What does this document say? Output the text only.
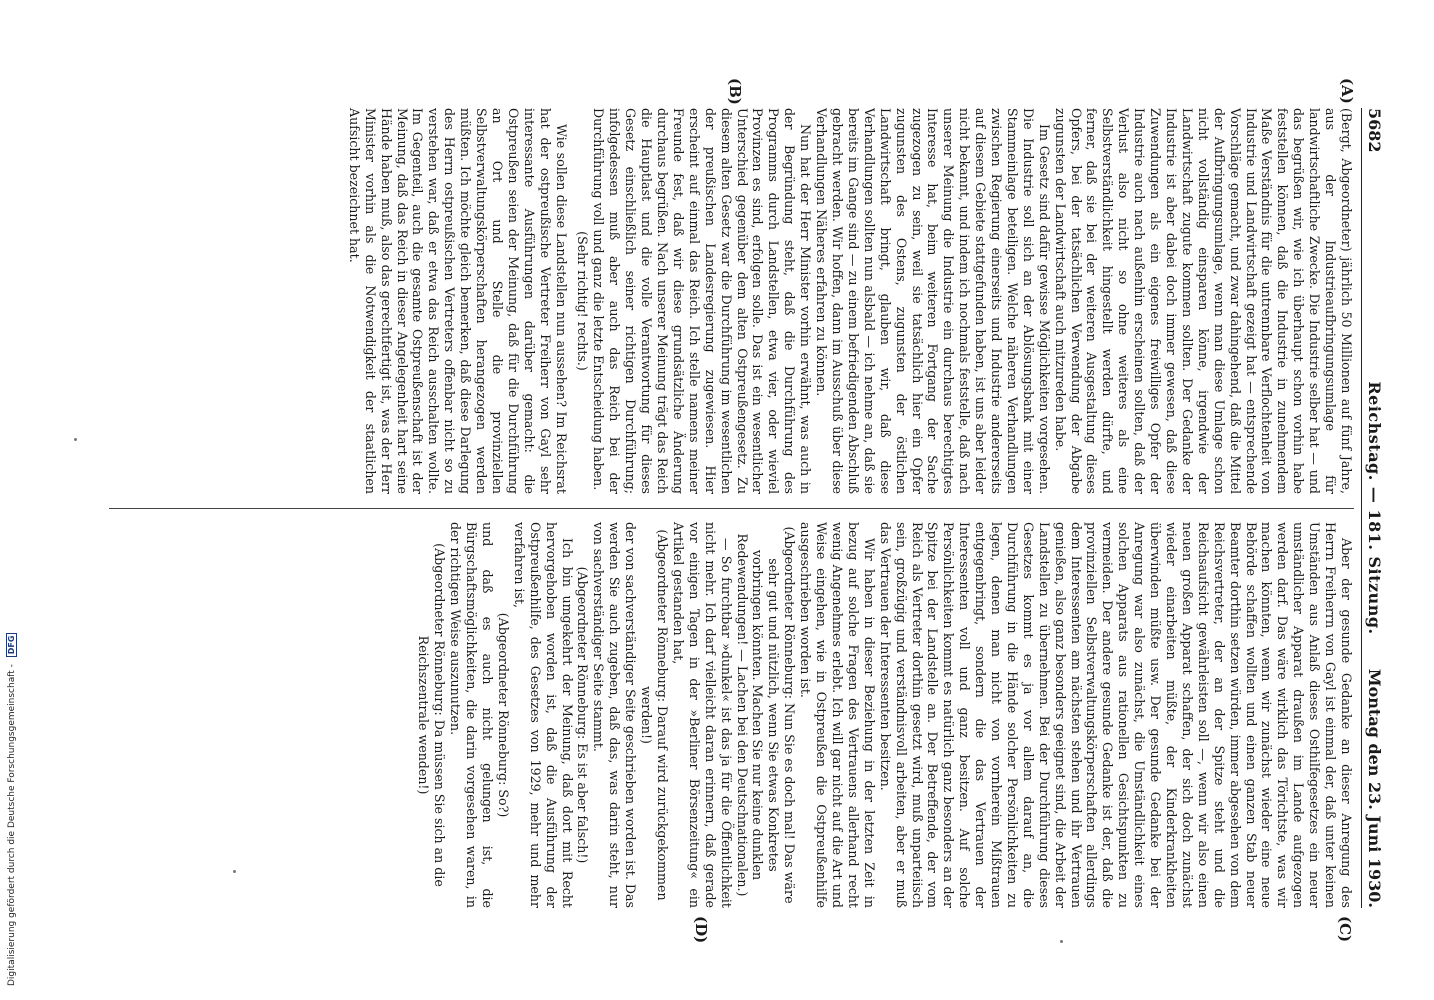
5682
Reichstag. — 181. Sitzung.
Montag den 23. Juni 1930.
(A)
(B)
(C)
(D)

(Bergt, Abgeordneter) jährlich 50 Millionen auf fünf Jahre, aus der Industrieaufbringungsumlage für landwirtschaftliche Zwecke. Die Industrie selber hat — und das begrüßen wir, wie ich überhaupt schon vorhin habe feststellen können, daß die Industrie in zunehmendem Maße Verständnis für die untrennbare Verflochtenheit von Industrie und Landwirtschaft gezeigt hat — entsprechende Vorschläge gemacht, und zwar dahingehend, daß die Mittel der Aufbringungsumlage, wenn man diese Umlage schon nicht vollständig einsparen könne, irgendwie der Landwirtschaft zugute kommen sollten. Der Gedanke der Industrie ist aber dabei doch immer gewesen, daß diese Zuwendungen als ein eigenes freiwilliges Opfer der Industrie auch nach außenhin erscheinen sollten, daß der Verlust also nicht so ohne weiteres als eine Selbstverständlichkeit hingestellt werden dürfte, und ferner, daß sie bei der weiteren Ausgestaltung dieses Opfers, bei der tatsächlichen Verwendung der Abgabe zugunsten der Landwirtschaft auch mitzureden habe.

Im Gesetz sind dafür gewisse Möglichkeiten vorgesehen. Die Industrie soll sich an der Ablösungsbank mit einer Stammeinlage beteiligen. Welche näheren Verhandlungen zwischen Regierung einerseits und Industrie andererseits auf diesem Gebiete stattgefunden haben, ist uns aber leider nicht bekannt, und indem ich nochmals feststelle, daß nach unserer Meinung die Industrie ein durchaus berechtigtes Interesse hat, beim weiteren Fortgang der Sache zugezogen zu sein, weil sie tatsächlich hier ein Opfer zugunsten des Ostens, zugunsten der östlichen Landwirtschaft bringt, glauben wir, daß diese Verhandlungen sollten nun alsbald — ich nehme an, daß sie bereits im Gange sind — zu einem befriedigenden Abschluß gebracht werden. Wir hoffen, dann im Ausschuß über diese Verhandlungen Näheres erfahren zu können.

Nun hat der Herr Minister vorhin erwähnt, was auch in der Begründung steht, daß die Durchführung des Programms durch Landstellen, etwa vier, oder wieviel Provinzen es sind, erfolgen solle. Das ist ein wesentlicher Unterschied gegenüber dem alten Ostpreußengesetz. Zu diesem alten Gesetz war die Durchführung im wesentlichen der preußischen Landesregierung zugewiesen. Hier erscheint auf einmal das Reich. Ich stelle namens meiner Freunde fest, daß wir diese grundsätzliche Änderung durchaus begrüßen. Nach unserer Meinung trägt das Reich die Hauptlast und die volle Verantwortung für dieses Gesetz einschließlich seiner richtigen Durchführung; infolgedessen muß aber auch das Reich bei der Durchführung voll und ganz die letzte Entscheidung haben.

(Sehr richtig! rechts.)

Wie sollen diese Landstellen nun aussehen? Im Reichsrat hat der ostpreußische Vertreter Freiherr von Gayl sehr interessante Ausführungen darüber gemacht: die Ostpreußen seien der Meinung, daß für die Durchführung an Ort und Stelle die provinziellen Selbstverwaltungskörperschaften herangezogen werden müßten. Ich möchte gleich bemerken, daß diese Darlegung des Herrn ostpreußischen Vertreters offenbar nicht so zu verstehen war, daß er etwa das Reich ausschalten wollte. Im Gegenteil, auch die gesamte Ostpreußenschaft ist der Meinung, daß das Reich in dieser Angelegenheit hart seine Hände haben muß, also das gerechtfertigt ist, was der Herr Minister vorhin als die Notwendigkeit der staatlichen Aufsicht bezeichnet hat.

Aber der gesunde Gedanke an dieser Anregung des Herrn Freiherrn von Gayl ist einmal der, daß unter keinen Umständen aus Anlaß dieses Osthilfegesetzes ein neuer umständlicher Apparat draußen im Lande aufgezogen werden darf. Das wäre wirklich das Törichtste, was wir machen könnten, wenn wir zunächst wieder eine neue Behörde schaffen wollten und einen ganzen Stab neuer Beamter dorthin setzen würden, immer abgesehen von dem Reichsvertreter, der an der Spitze steht und die Reichsaufsicht gewährleisten soll —, wenn wir also einen neuen großen Apparat schaffen, der sich doch zunächst wieder einarbeiten müßte, der Kinderkrankheiten überwinden müßte usw. Der gesunde Gedanke bei der Anregung war also zunächst, die Umständlichkeit eines solchen Apparats aus rationellen Gesichtspunkten zu vermeiden. Der andere gesunde Gedanke ist der, daß die provinziellen Selbstverwaltungskörperschaften allerdings dem Interessenten am nächsten stehen und ihr Vertrauen genießen, also ganz besonders geeignet sind, die Arbeit der Landstellen zu übernehmen. Bei der Durchführung dieses Gesetzes kommt es ja vor allem darauf an, die Durchführung in die Hände solcher Persönlichkeiten zu legen, denen man nicht von vornherein Mißtrauen entgegenbringt, sondern die das Vertrauen der Interessenten voll und ganz besitzen. Auf solche Persönlichkeiten kommt es natürlich ganz besonders an der Spitze bei der Landstelle an. Der Betreffende, der vom Reich als Vertreter dorthin gesetzt wird, muß unparteiisch sein, großzügig und verständnisvoll arbeiten, aber er muß das Vertrauen der Interessenten besitzen.

Wir haben in dieser Beziehung in der letzten Zeit in bezug auf solche Fragen des Vertrauens allerhand recht wenig Angenehmes erlebt. Ich will gar nicht auf die Art und Weise eingehen, wie in Ostpreußen die Ostpreußenhilfe ausgeschrieben worden ist.

(Abgeordneter Rönneburg: Nun Sie es doch mal! Das wäre sehr gut und nützlich, wenn Sie etwas Konkretes vorbringen könnten. Machen Sie nur keine dunklen Redewendungen! — Lachen bei den Deutschnationalen.)

— So furchtbar »dunkel« ist das ja für die Öffentlichkeit nicht mehr. Ich darf vielleicht daran erinnern, daß gerade vor einigen Tagen in der »Berliner Börsenzeitung« ein Artikel gestanden hat,

(Abgeordneter Rönneburg: Darauf wird zurückgekommen werden!)

der von sachverständiger Seite geschrieben worden ist. Das werden Sie auch zugeben, daß das, was darin steht, nur von sachverständiger Seite stammt.

(Abgeordneter Rönneburg: Es ist aber falsch!)

Ich bin umgekehrt der Meinung, daß dort mit Recht hervorgehoben worden ist, daß die Ausführung der Ostpreußenhilfe, des Gesetzes von 1929, mehr und mehr verfahren ist,

(Abgeordneter Rönneburg: So?)

und daß es auch nicht gelungen ist, die Bürgschaftsmöglichkeiten, die darin vorgesehen waren, in der richtigen Weise auszunutzen.

(Abgeordneter Rönneburg: Da müssen Sie sich an die Reichszentrale wenden!)

Digitalisierung gefördert durch die Deutsche Forschungsgemeinschaft - DFG
